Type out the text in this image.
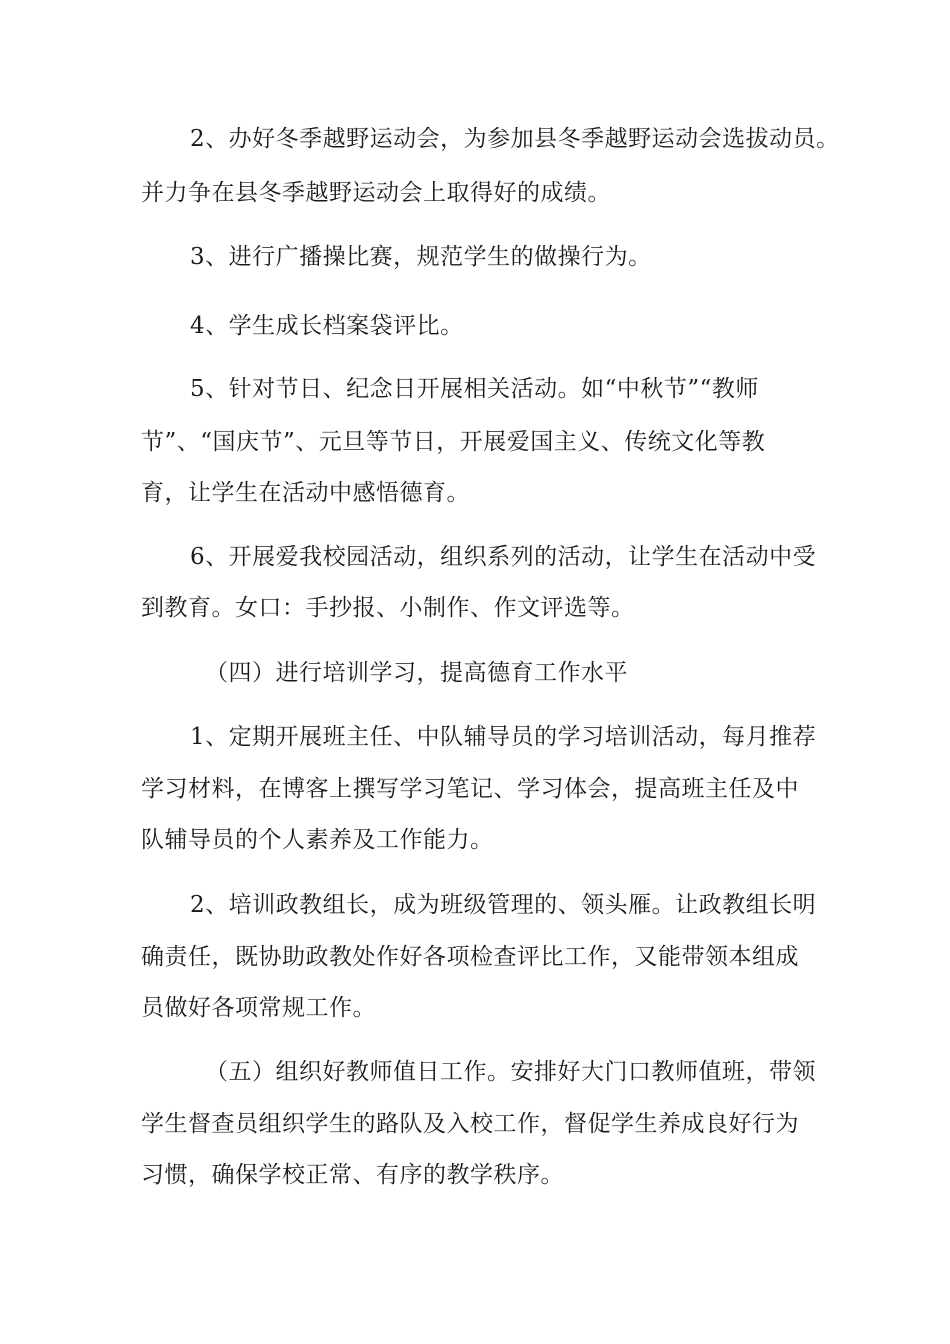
2、办好冬季越野运动会，为参加县冬季越野运动会选拔动员。
并力争在县冬季越野运动会上取得好的成绩。
3、进行广播操比赛，规范学生的做操行为。
4、学生成长档案袋评比。
5、针对节日、纪念日开展相关活动。如“中秋节”“教师
节”、“国庆节”、元旦等节日，开展爱国主义、传统文化等教
育，让学生在活动中感悟德育。
6、开展爱我校园活动，组织系列的活动，让学生在活动中受
到教育。女口：手抄报、小制作、作文评选等。
（四）进行培训学习，提高德育工作水平
1、定期开展班主任、中队辅导员的学习培训活动，每月推荐
学习材料，在博客上撰写学习笔记、学习体会，提高班主任及中
队辅导员的个人素养及工作能力。
2、培训政教组长，成为班级管理的、领头雁。让政教组长明
确责任，既协助政教处作好各项检查评比工作，又能带领本组成
员做好各项常规工作。
（五）组织好教师值日工作。安排好大门口教师值班，带领
学生督查员组织学生的路队及入校工作，督促学生养成良好行为
习惯，确保学校正常、有序的教学秩序。
